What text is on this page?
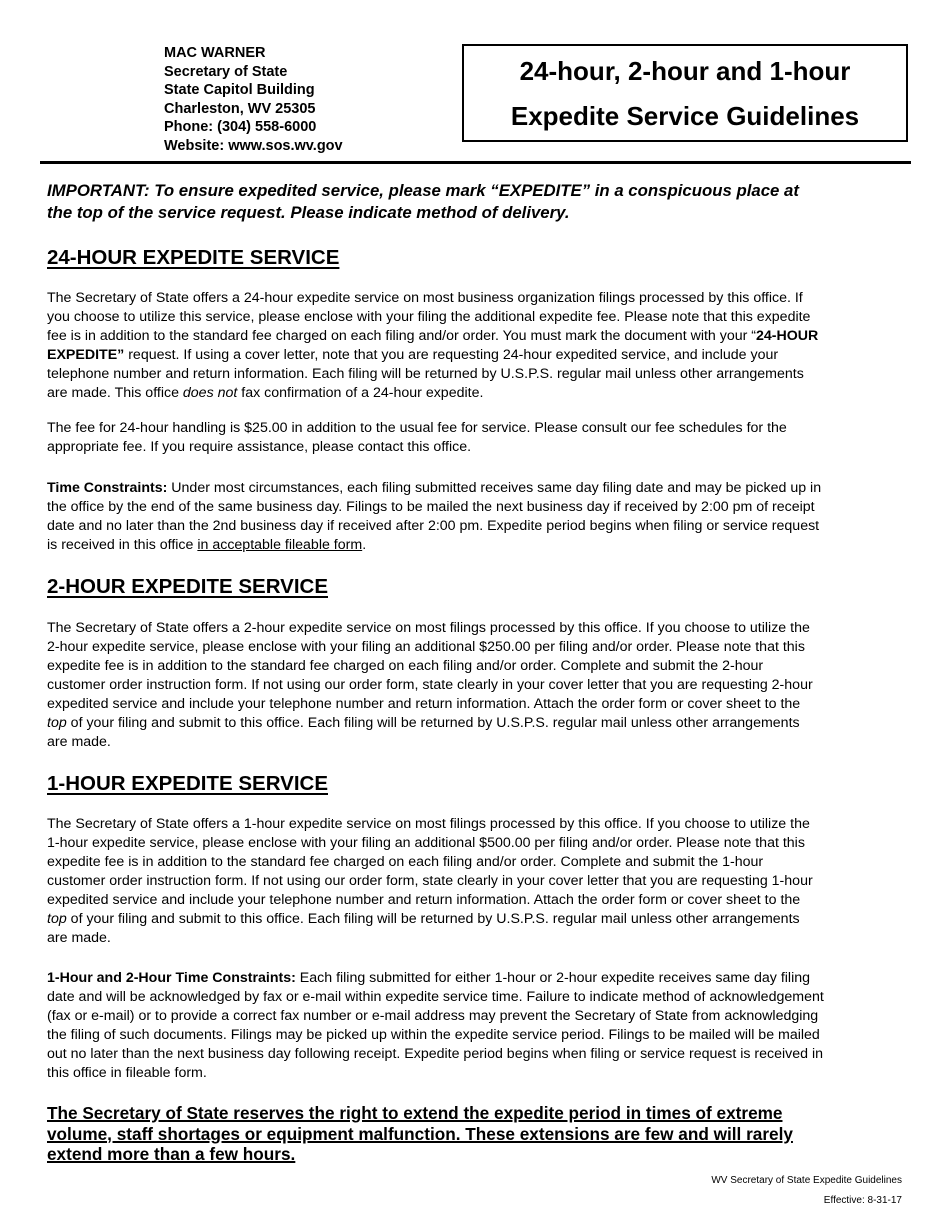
MAC WARNER
Secretary of State
State Capitol Building
Charleston, WV 25305
Phone: (304) 558-6000
Website: www.sos.wv.gov
24-hour, 2-hour and 1-hour
Expedite Service Guidelines
IMPORTANT: To ensure expedited service, please mark “EXPEDITE” in a conspicuous place at
the top of the service request. Please indicate method of delivery.
24-HOUR EXPEDITE SERVICE
The Secretary of State offers a 24-hour expedite service on most business organization filings processed by this office. If
you choose to utilize this service, please enclose with your filing the additional expedite fee. Please note that this expedite
fee is in addition to the standard fee charged on each filing and/or order. You must mark the document with your “24-HOUR
EXPEDITE” request. If using a cover letter, note that you are requesting 24-hour expedited service, and include your
telephone number and return information. Each filing will be returned by U.S.P.S. regular mail unless other arrangements
are made. This office does not fax confirmation of a 24-hour expedite.
The fee for 24-hour handling is $25.00 in addition to the usual fee for service. Please consult our fee schedules for the
appropriate fee. If you require assistance, please contact this office.
Time Constraints: Under most circumstances, each filing submitted receives same day filing date and may be picked up in
the office by the end of the same business day. Filings to be mailed the next business day if received by 2:00 pm of receipt
date and no later than the 2nd business day if received after 2:00 pm. Expedite period begins when filing or service request
is received in this office in acceptable fileable form.
2-HOUR EXPEDITE SERVICE
The Secretary of State offers a 2-hour expedite service on most filings processed by this office. If you choose to utilize the
2-hour expedite service, please enclose with your filing an additional $250.00 per filing and/or order. Please note that this
expedite fee is in addition to the standard fee charged on each filing and/or order. Complete and submit the 2-hour
customer order instruction form. If not using our order form, state clearly in your cover letter that you are requesting 2-hour
expedited service and include your telephone number and return information. Attach the order form or cover sheet to the
top of your filing and submit to this office. Each filing will be returned by U.S.P.S. regular mail unless other arrangements
are made.
1-HOUR EXPEDITE SERVICE
The Secretary of State offers a 1-hour expedite service on most filings processed by this office. If you choose to utilize the
1-hour expedite service, please enclose with your filing an additional $500.00 per filing and/or order. Please note that this
expedite fee is in addition to the standard fee charged on each filing and/or order. Complete and submit the 1-hour
customer order instruction form. If not using our order form, state clearly in your cover letter that you are requesting 1-hour
expedited service and include your telephone number and return information. Attach the order form or cover sheet to the
top of your filing and submit to this office. Each filing will be returned by U.S.P.S. regular mail unless other arrangements
are made.
1-Hour and 2-Hour Time Constraints: Each filing submitted for either 1-hour or 2-hour expedite receives same day filing
date and will be acknowledged by fax or e-mail within expedite service time. Failure to indicate method of acknowledgement
(fax or e-mail) or to provide a correct fax number or e-mail address may prevent the Secretary of State from acknowledging
the filing of such documents. Filings may be picked up within the expedite service period. Filings to be mailed will be mailed
out no later than the next business day following receipt. Expedite period begins when filing or service request is received in
this office in fileable form.
The Secretary of State reserves the right to extend the expedite period in times of extreme
volume, staff shortages or equipment malfunction. These extensions are few and will rarely
extend more than a few hours.
WV Secretary of State Expedite Guidelines
Effective: 8-31-17
